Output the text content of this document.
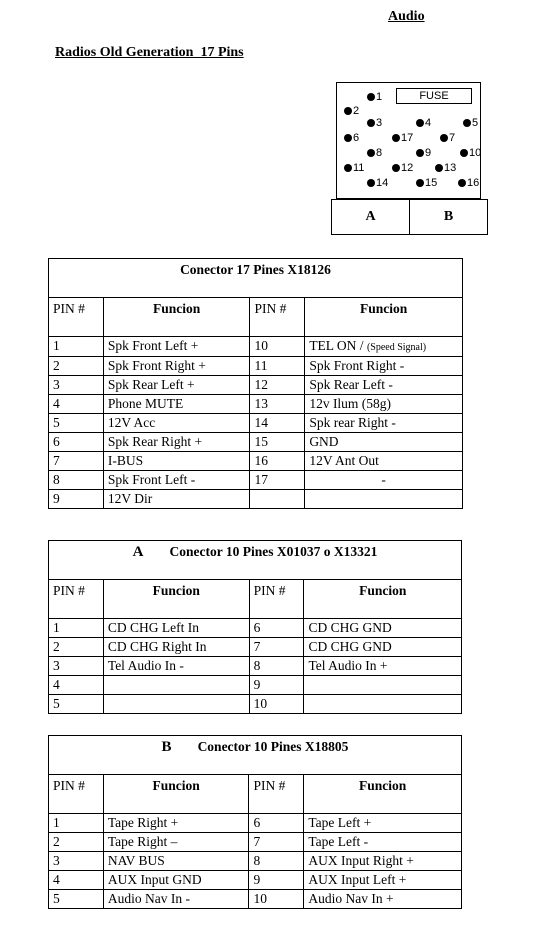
Audio
Radios Old Generation  17 Pins
FUSE
1
2
3	4	5
6	17	7
8	9	10
11	12	13
14	15	16
A	B
Conector 17 Pines X18126			
PIN #	Funcion	PIN #	Funcion
1	Spk Front Left +	10	TEL ON / (Speed Signal)
2	Spk Front Right +	11	Spk Front Right -
3	Spk Rear Left +	12	Spk Rear Left -
4	Phone MUTE	13	12v Ilum (58g)
5	12V Acc	14	Spk rear Right -
6	Spk Rear Right +	15	GND
7	I-BUS	16	12V Ant Out
8	Spk Front Left -	17	-
9	12V Dir		
A Conector 10 Pines X01037 o X13321			
PIN #	Funcion	PIN #	Funcion
1	CD CHG Left In	6	CD CHG GND
2	CD CHG Right In	7	CD CHG GND
3	Tel Audio In -	8	Tel Audio In +
4		9	
5		10	
B Conector 10 Pines X18805			
PIN #	Funcion	PIN #	Funcion
1	Tape Right +	6	Tape Left +
2	Tape Right –	7	Tape Left -
3	NAV BUS	8	AUX Input Right +
4	AUX Input GND	9	AUX Input Left +
5	Audio Nav In -	10	Audio Nav In +
